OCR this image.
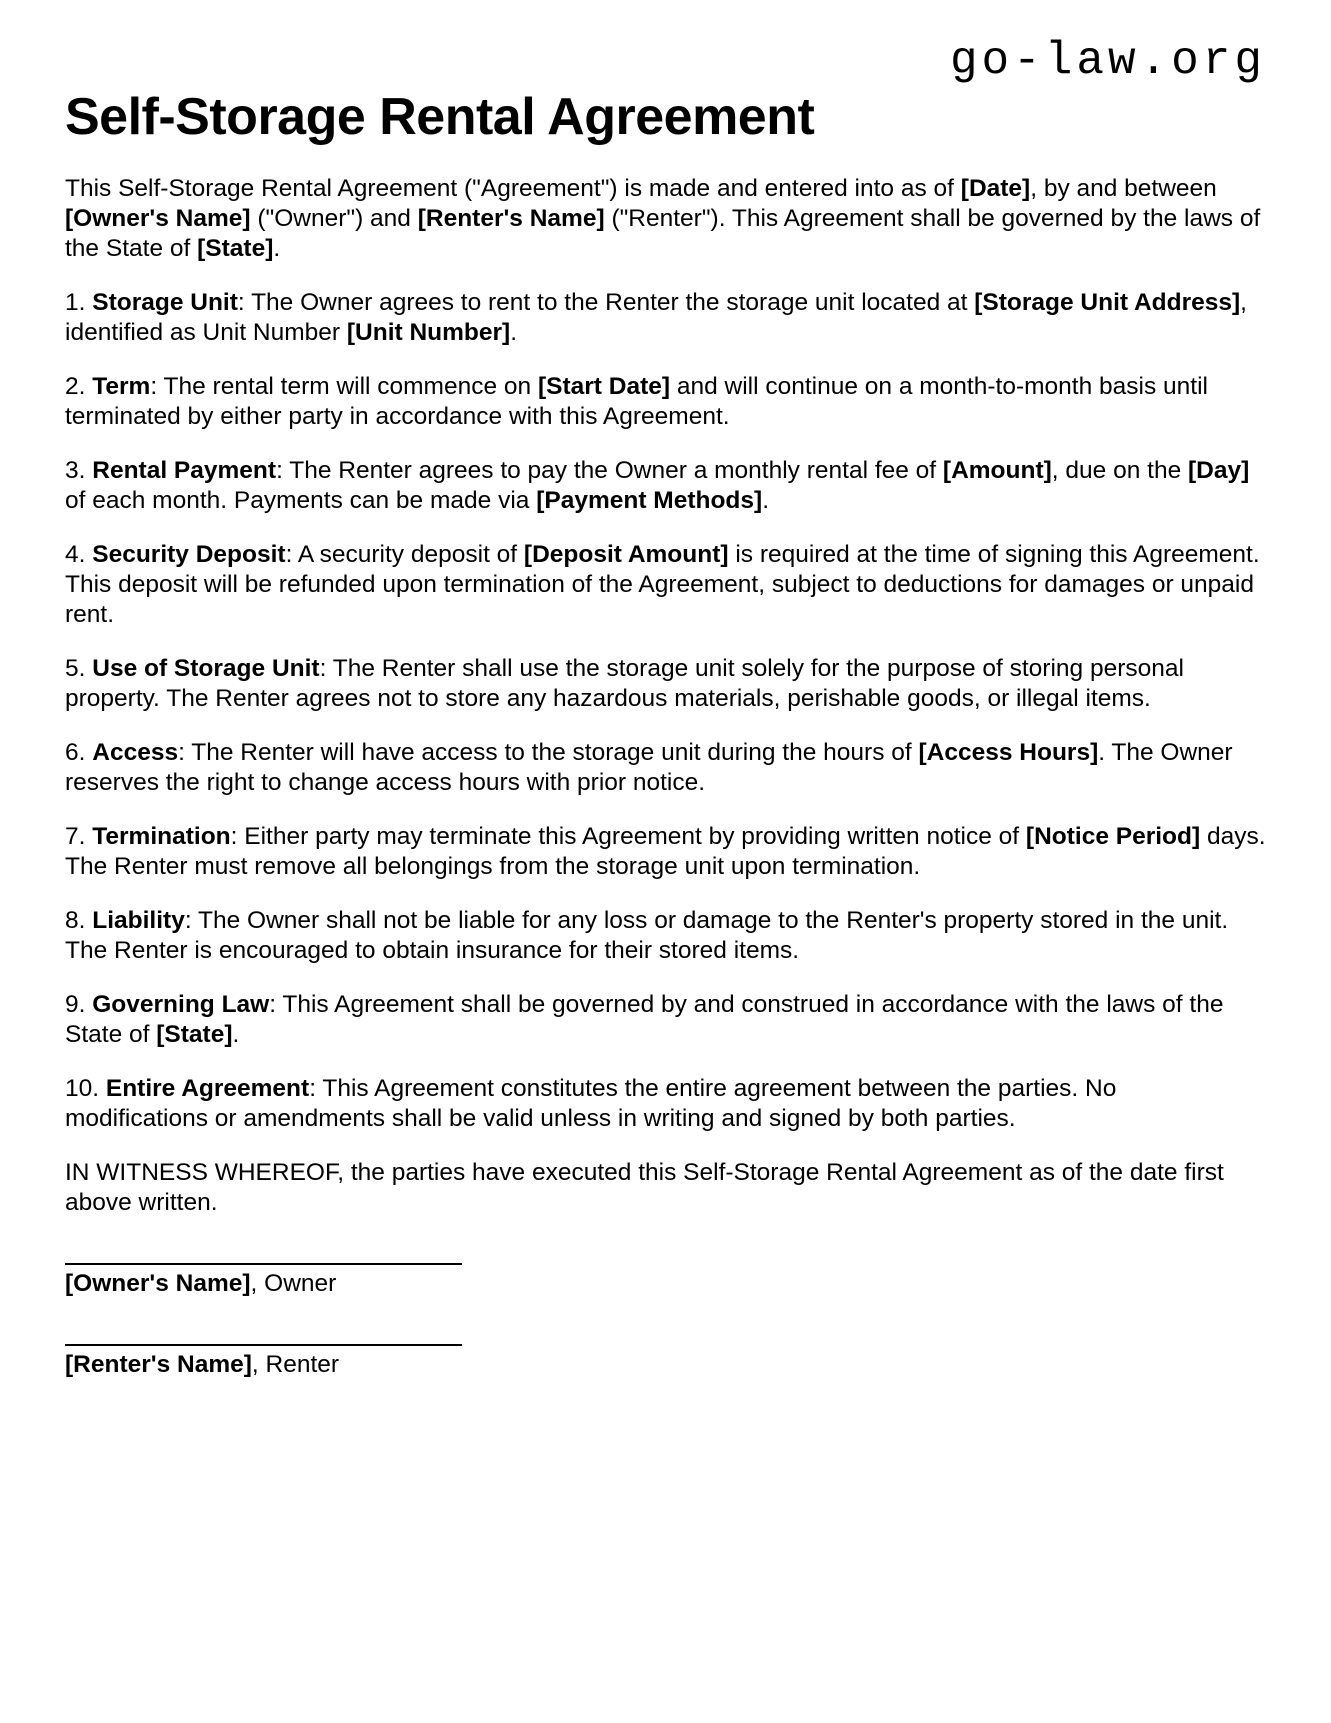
go-law.org
Self-Storage Rental Agreement

This Self-Storage Rental Agreement ("Agreement") is made and entered into as of [Date], by and between [Owner's Name] ("Owner") and [Renter's Name] ("Renter"). This Agreement shall be governed by the laws of the State of [State].

1. Storage Unit: The Owner agrees to rent to the Renter the storage unit located at [Storage Unit Address], identified as Unit Number [Unit Number].

2. Term: The rental term will commence on [Start Date] and will continue on a month-to-month basis until terminated by either party in accordance with this Agreement.

3. Rental Payment: The Renter agrees to pay the Owner a monthly rental fee of [Amount], due on the [Day] of each month. Payments can be made via [Payment Methods].

4. Security Deposit: A security deposit of [Deposit Amount] is required at the time of signing this Agreement. This deposit will be refunded upon termination of the Agreement, subject to deductions for damages or unpaid rent.

5. Use of Storage Unit: The Renter shall use the storage unit solely for the purpose of storing personal property. The Renter agrees not to store any hazardous materials, perishable goods, or illegal items.

6. Access: The Renter will have access to the storage unit during the hours of [Access Hours]. The Owner reserves the right to change access hours with prior notice.

7. Termination: Either party may terminate this Agreement by providing written notice of [Notice Period] days. The Renter must remove all belongings from the storage unit upon termination.

8. Liability: The Owner shall not be liable for any loss or damage to the Renter's property stored in the unit. The Renter is encouraged to obtain insurance for their stored items.

9. Governing Law: This Agreement shall be governed by and construed in accordance with the laws of the State of [State].

10. Entire Agreement: This Agreement constitutes the entire agreement between the parties. No modifications or amendments shall be valid unless in writing and signed by both parties.

IN WITNESS WHEREOF, the parties have executed this Self-Storage Rental Agreement as of the date first above written.

[Owner's Name], Owner

[Renter's Name], Renter
